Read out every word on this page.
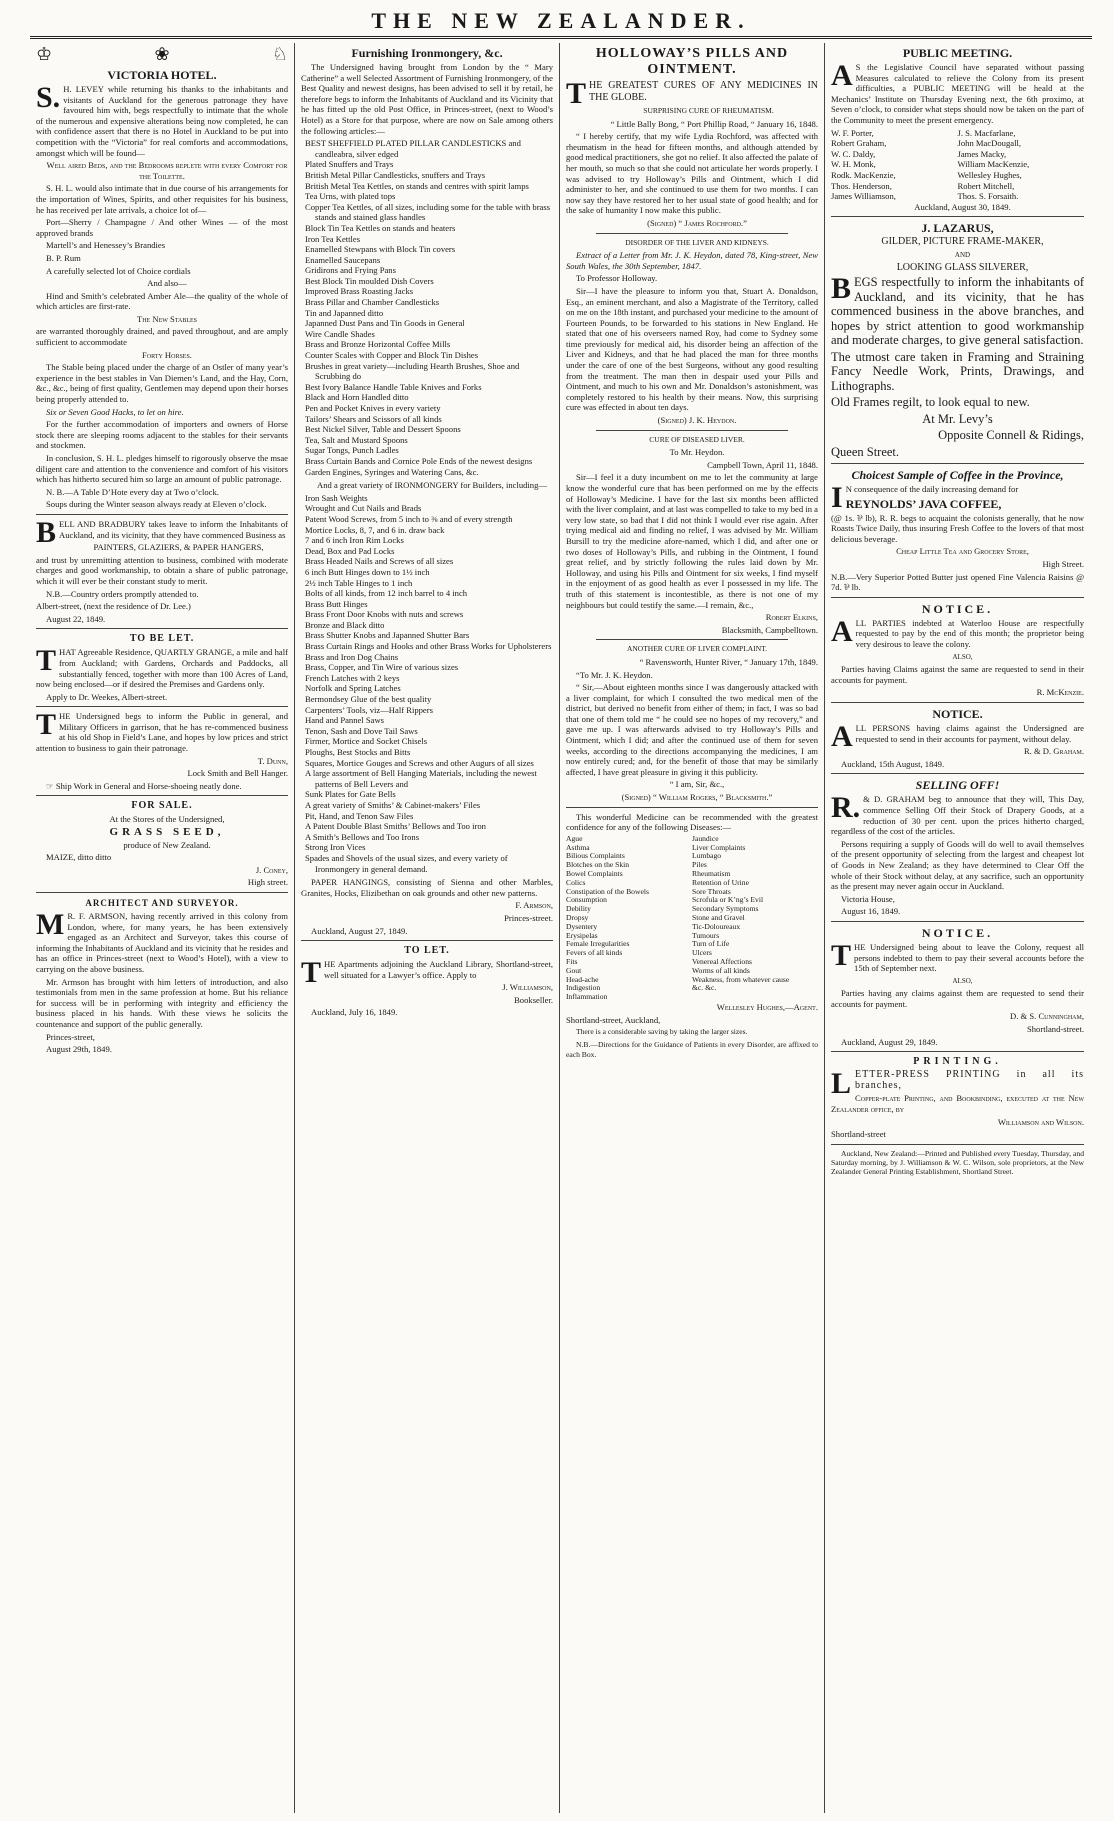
THE NEW ZEALANDER.
♔	❀	♘
VICTORIA HOTEL.

S.H. LEVEY while returning his thanks to the inhabitants and visitants of Auckland for the generous patronage they have favoured him with, begs respectfully to intimate that the whole of the numerous and expensive alterations being now completed, he can with confidence assert that there is no Hotel in Auckland to be put into competition with the “Victoria” for real comforts and accommodations, amongst which will be found—

Well aired Beds, and the Bedrooms replete with every Comfort for the Toilette.

S. H. L. would also intimate that in due course of his arrangements for the importation of Wines, Spirits, and other requisites for his business, he has received per late arrivals, a choice lot of—

Port—Sherry / Champagne / And other Wines — of the most approved brands

Martell’s and Henessey’s Brandies

B. P. Rum

A carefully selected lot of Choice cordials

And also—

Hind and Smith’s celebrated Amber Ale—the quality of the whole of which articles are first-rate.

The New Stables

are warranted thoroughly drained, and paved throughout, and are amply sufficient to accommodate

Forty Horses.

The Stable being placed under the charge of an Ostler of many year’s experience in the best stables in Van Diemen’s Land, and the Hay, Corn, &c., &c., being of first quality, Gentlemen may depend upon their horses being properly attended to.

Six or Seven Good Hacks, to let on hire.

For the further accommodation of importers and owners of Horse stock there are sleeping rooms adjacent to the stables for their servants and stockmen.

In conclusion, S. H. L. pledges himself to rigorously observe the msae diligent care and attention to the convenience and comfort of his visitors which has hitherto secured him so large an amount of public patronage.

N. B.—A Table D’Hote every day at Two o’clock.

Soups during the Winter season always ready at Eleven o’clock.

BELL AND BRADBURY takes leave to inform the Inhabitants of Auckland, and its vicinity, that they have commenced Business as

PAINTERS, GLAZIERS, & PAPER HANGERS,

and trust by unremitting attention to business, combined with moderate charges and good workmanship, to obtain a share of public patronage, which it will ever be their constant study to merit.

N.B.—Country orders promptly attended to.

Albert-street, (next the residence of Dr. Lee.)

August 22, 1849.

TO BE LET.

THAT Agreeable Residence, QUARTLY GRANGE, a mile and half from Auckland; with Gardens, Orchards and Paddocks, all substantially fenced, together with more than 100 Acres of Land, now being enclosed—or if desired the Premises and Gardens only.

Apply to Dr. Weekes, Albert-street.

THE Undersigned begs to inform the Public in general, and Military Officers in garrison, that he has re-commenced business at his old Shop in Field’s Lane, and hopes by low prices and strict attention to business to gain their patronage.

T. Dunn,

Lock Smith and Bell Hanger.

☞ Ship Work in General and Horse-shoeing neatly done.

FOR SALE.

At the Stores of the Undersigned,

GRASS SEED,

produce of New Zealand.

MAIZE, ditto ditto

J. Coney,

High street.

ARCHITECT AND SURVEYOR.

MR. F. ARMSON, having recently arrived in this colony from London, where, for many years, he has been extensively engaged as an Architect and Surveyor, takes this course of informing the Inhabitants of Auckland and its vicinity that he resides and has an office in Princes-street (next to Wood’s Hotel), with a view to carrying on the above business.

Mr. Armson has brought with him letters of introduction, and also testimonials from men in the same profession at home. But his reliance for success will be in performing with integrity and efficiency the business placed in his hands. With these views he solicits the countenance and support of the public generally.

Princes-street,

August 29th, 1849.

Furnishing Ironmongery, &c.

The Undersigned having brought from London by the “ Mary Catherine” a well Selected Assortment of Furnishing Ironmongery, of the Best Quality and newest designs, has been advised to sell it by retail, he therefore begs to inform the Inhabitants of Auckland and its Vicinity that he has fitted up the old Post Office, in Princes-street, (next to Wood’s Hotel) as a Store for that purpose, where are now on Sale among others the following articles:—

BEST SHEFFIELD PLATED PILLAR CANDLESTICKS and candleabra, silver edged
Plated Snuffers and Trays
British Metal Pillar Candlesticks, snuffers and Trays
British Metal Tea Kettles, on stands and centres with spirit lamps
Tea Urns, with plated tops
Copper Tea Kettles, of all sizes, including some for the table with brass stands and stained glass handles
Block Tin Tea Kettles on stands and heaters
Iron Tea Kettles
Enamelled Stewpans with Block Tin covers
Enamelled Saucepans
Gridirons and Frying Pans
Best Block Tin moulded Dish Covers
Improved Brass Roasting Jacks
Brass Pillar and Chamber Candlesticks
Tin and Japanned ditto
Japanned Dust Pans and Tin Goods in General
Wire Candle Shades
Brass and Bronze Horizontal Coffee Mills
Counter Scales with Copper and Block Tin Dishes
Brushes in great variety—including Hearth Brushes, Shoe and Scrubbing do
Best Ivory Balance Handle Table Knives and Forks
Black and Horn Handled ditto
Pen and Pocket Knives in every variety
Tailors’ Shears and Scissors of all kinds
Best Nickel Silver, Table and Dessert Spoons
Tea, Salt and Mustard Spoons
Sugar Tongs, Punch Ladles
Brass Curtain Bands and Cornice Pole Ends of the newest designs
Garden Engines, Syringes and Watering Cans, &c.

And a great variety of IRONMONGERY for Builders, including—

Iron Sash Weights
Wrought and Cut Nails and Brads
Patent Wood Screws, from 5 inch to ⅜ and of every strength
Mortice Locks, 8, 7, and 6 in. draw back
7 and 6 inch Iron Rim Locks
Dead, Box and Pad Locks
Brass Headed Nails and Screws of all sizes
6 inch Butt Hinges down to 1½ inch
2½ inch Table Hinges to 1 inch
Bolts of all kinds, from 12 inch barrel to 4 inch
Brass Butt Hinges
Brass Front Door Knobs with nuts and screws
Bronze and Black ditto
Brass Shutter Knobs and Japanned Shutter Bars
Brass Curtain Rings and Hooks and other Brass Works for Upholsterers
Brass and Iron Dog Chains
Brass, Copper, and Tin Wire of various sizes
French Latches with 2 keys
Norfolk and Spring Latches
Bermondsey Glue of the best quality
Carpenters’ Tools, viz—Half Rippers
Hand and Pannel Saws
Tenon, Sash and Dove Tail Saws
Firmer, Mortice and Socket Chisels
Ploughs, Best Stocks and Bitts
Squares, Mortice Gouges and Screws and other Augurs of all sizes
A large assortment of Bell Hanging Materials, including the newest patterns of Bell Levers and
Sunk Plates for Gate Bells
A great variety of Smiths’ & Cabinet-makers’ Files
Pit, Hand, and Tenon Saw Files
A Patent Double Blast Smiths’ Bellows and Too iron
A Smith’s Bellows and Too Irons
Strong Iron Vices
Spades and Shovels of the usual sizes, and every variety of Ironmongery in general demand.

PAPER HANGINGS, consisting of Sienna and other Marbles, Granites, Hocks, Elizibethan on oak grounds and other new patterns.

F. Armson,

Princes-street.

Auckland, August 27, 1849.

TO LET.

THE Apartments adjoining the Auckland Library, Shortland-street, well situated for a Lawyer’s office. Apply to

J. Williamson,

Bookseller.

Auckland, July 16, 1849.

HOLLOWAY’S PILLS AND OINTMENT.

THE GREATEST CURES OF ANY MEDICINES IN THE GLOBE.

SURPRISING CURE OF RHEUMATISM.

“ Little Bally Bong, “ Port Phillip Road, “ January 16, 1848.

“ I hereby certify, that my wife Lydia Rochford, was affected with rheumatism in the head for fifteen months, and although attended by good medical practitioners, she got no relief. It also affected the palate of her mouth, so much so that she could not articulate her words properly. I was advised to try Holloway’s Pills and Ointment, which I did administer to her, and she continued to use them for two months. I can now say they have restored her to her usual state of good health; and for the sake of humanity I now make this public.

(Signed) “ James Rochford.”

DISORDER OF THE LIVER AND KIDNEYS.

Extract of a Letter from Mr. J. K. Heydon, dated 78, King-street, New South Wales, the 30th September, 1847.

To Professor Holloway.

Sir—I have the pleasure to inform you that, Stuart A. Donaldson, Esq., an eminent merchant, and also a Magistrate of the Territory, called on me on the 18th instant, and purchased your medicine to the amount of Fourteen Pounds, to be forwarded to his stations in New England. He stated that one of his overseers named Roy, had come to Sydney some time previously for medical aid, his disorder being an affection of the Liver and Kidneys, and that he had placed the man for three months under the care of one of the best Surgeons, without any good resulting from the treatment. The man then in despair used your Pills and Ointment, and much to his own and Mr. Donaldson’s astonishment, was completely restored to his health by their means. Now, this surprising cure was effected in about ten days.

(Signed) J. K. Heydon.

CURE OF DISEASED LIVER.

To Mr. Heydon.

Campbell Town, April 11, 1848.

Sir—I feel it a duty incumbent on me to let the community at large know the wonderful cure that has been performed on me by the effects of Holloway’s Medicine. I have for the last six months been afflicted with the liver complaint, and at last was compelled to take to my bed in a very low state, so bad that I did not think I would ever rise again. After trying medical aid and finding no relief, I was advised by Mr. William Bursill to try the medicine afore-named, which I did, and after one or two doses of Holloway’s Pills, and rubbing in the Ointment, I found great relief, and by strictly following the rules laid down by Mr. Holloway, and using his Pills and Ointment for six weeks, I find myself in the enjoyment of as good health as ever I possessed in my life. The truth of this statement is incontestible, as there is not one of my neighbours but could testify the same.—I remain, &c.,

Robert Elkins,

Blacksmith, Campbelltown.

ANOTHER CURE OF LIVER COMPLAINT.

“ Ravensworth, Hunter River, “ January 17th, 1849.

“To Mr. J. K. Heydon.

“ Sir,—About eighteen months since I was dangerously attacked with a liver complaint, for which I consulted the two medical men of the district, but derived no benefit from either of them; in fact, I was so bad that one of them told me “ he could see no hopes of my recovery,” and gave me up. I was afterwards advised to try Holloway’s Pills and Ointment, which I did; and after the continued use of them for seven weeks, according to the directions accompanying the medicines, I am now entirely cured; and, for the benefit of those that may be similarly affected, I have great pleasure in giving it this publicity.

“ I am, Sir, &c.,

(Signed) “ William Rogers, “ Blacksmith.”

This wonderful Medicine can be recommended with the greatest confidence for any of the following Diseases:—

Ague
Asthma
Bilious Complaints
Blotches on the Skin
Bowel Complaints
Colics
Constipation of the Bowels
Consumption
Debility
Dropsy
Dysentery
Erysipelas
Female Irregularities
Fevers of all kinds
Fits
Gout
Head-ache
Indigestion
Inflammation
Jaundice
Liver Complaints
Lumbago
Piles
Rheumatism
Retention of Urine
Sore Throats
Scrofula or K’ng’s Evil
Secondary Symptoms
Stone and Gravel
Tic-Doloureaux
Tumours
Turn of Life
Ulcers
Venereal Affections
Worms of all kinds
Weakness, from whatever cause
&c. &c.

Wellesley Hughes,—Agent.

Shortland-street, Auckland,

There is a considerable saving by taking the larger sizes.

N.B.—Directions for the Guidance of Patients in every Disorder, are affixed to each Box.

PUBLIC MEETING.

AS the Legislative Council have separated without passing Measures calculated to relieve the Colony from its present difficulties, a PUBLIC MEETING will be heald at the Mechanics’ Institute on Thursday Evening next, the 6th proximo, at Seven o’clock, to consider what steps should now be taken on the part of the Community to meet the present emergency.

W. F. Porter,
Robert Graham,
W. C. Daldy,
W. H. Monk,
Rodk. MacKenzie,
Thos. Henderson,
James Williamson,
J. S. Macfarlane,
John MacDougall,
James Macky,
William MacKenzie,
Wellesley Hughes,
Robert Mitchell,
Thos. S. Forsaith.

Auckland, August 30, 1849.

J. LAZARUS,

GILDER, PICTURE FRAME-MAKER,

AND

LOOKING GLASS SILVERER,

BEGS respectfully to inform the inhabitants of Auckland, and its vicinity, that he has commenced business in the above branches, and hopes by strict attention to good workmanship and moderate charges, to give general satisfaction.

The utmost care taken in Framing and Straining Fancy Needle Work, Prints, Drawings, and Lithographs.

Old Frames regilt, to look equal to new.

At Mr. Levy’s

Opposite Connell & Ridings,

Queen Street.

Choicest Sample of Coffee in the Province,

IN consequence of the daily increasing demand for

REYNOLDS’ JAVA COFFEE,

(@ 1s. ⅌ lb), R. R. begs to acquaint the colonists generally, that he now Roasts Twice Daily, thus insuring Fresh Coffee to the lovers of that most delicious beverage.

Cheap Little Tea and Grocery Store,

High Street.

N.B.—Very Superior Potted Butter just opened Fine Valencia Raisins @ 7d. ⅌ lb.

NOTICE.

ALL PARTIES indebted at Waterloo House are respectfully requested to pay by the end of this month; the proprietor being very desirous to leave the colony.

ALSO,

Parties having Claims against the same are requested to send in their accounts for payment.

R. McKenzie.

NOTICE.

ALL PERSONS having claims against the Undersigned are requested to send in their accounts for payment, without delay.

R. & D. Graham.

Auckland, 15th August, 1849.

SELLING OFF!

R.& D. GRAHAM beg to announce that they will, This Day, commence Selling Off their Stock of Drapery Goods, at a reduction of 30 per cent. upon the prices hitherto charged, regardless of the cost of the articles.

Persons requiring a supply of Goods will do well to avail themselves of the present opportunity of selecting from the largest and cheapest lot of Goods in New Zealand; as they have determined to Clear Off the whole of their Stock without delay, at any sacrifice, such an opportunity as the present may never again occur in Auckland.

Victoria House,

August 16, 1849.

NOTICE.

THE Undersigned being about to leave the Colony, request all persons indebted to them to pay their several accounts before the 15th of September next.

ALSO,

Parties having any claims against them are requested to send their accounts for payment.

D. & S. Cunningham,

Shortland-street.

Auckland, August 29, 1849.

PRINTING.

LETTER-PRESS PRINTING in all its branches,

Copper-plate Printing, and Bookbinding, executed at the New Zealander office, by

Williamson and Wilson.

Shortland-street

Auckland, New Zealand:—Printed and Published every Tuesday, Thursday, and Saturday morning, by J. Williamson & W. C. Wilson, sole proprietors, at the New Zealander General Printing Establishment, Shortland Street.
